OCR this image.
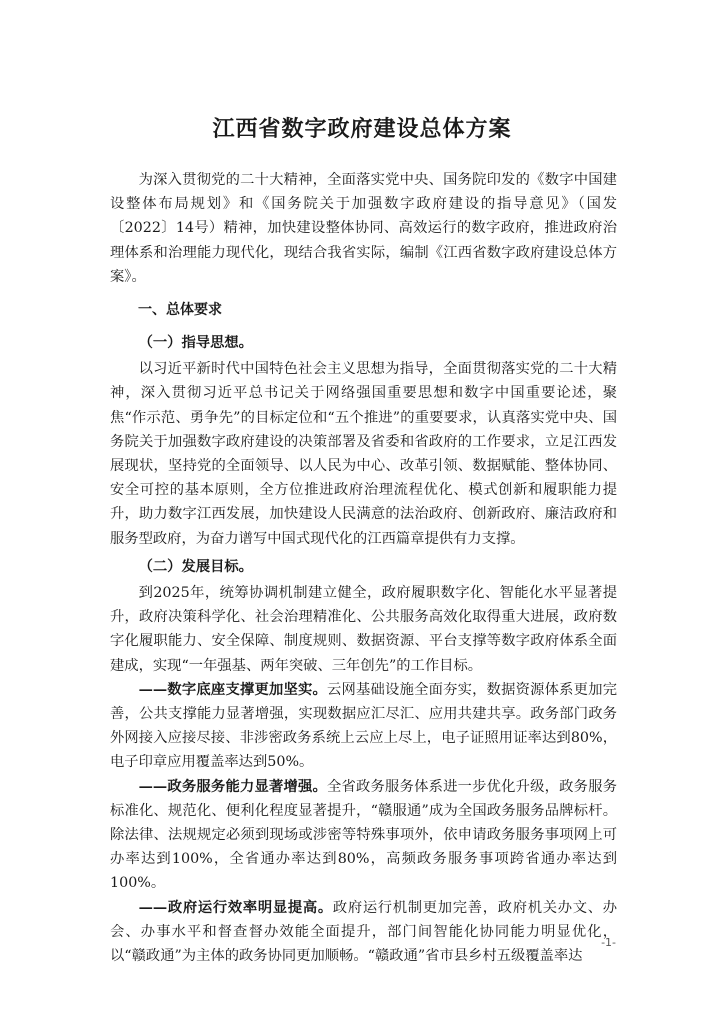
江西省数字政府建设总体方案

为深入贯彻党的二十大精神，全面落实党中央、国务院印发的《数字中国建设整体布局规划》和《国务院关于加强数字政府建设的指导意见》（国发〔2022〕14号）精神，加快建设整体协同、高效运行的数字政府，推进政府治理体系和治理能力现代化，现结合我省实际，编制《江西省数字政府建设总体方案》。

一、总体要求

（一）指导思想。

以习近平新时代中国特色社会主义思想为指导，全面贯彻落实党的二十大精神，深入贯彻习近平总书记关于网络强国重要思想和数字中国重要论述，聚焦“作示范、勇争先”的目标定位和“五个推进”的重要要求，认真落实党中央、国务院关于加强数字政府建设的决策部署及省委和省政府的工作要求，立足江西发展现状，坚持党的全面领导、以人民为中心、改革引领、数据赋能、整体协同、安全可控的基本原则，全方位推进政府治理流程优化、模式创新和履职能力提升，助力数字江西发展，加快建设人民满意的法治政府、创新政府、廉洁政府和服务型政府，为奋力谱写中国式现代化的江西篇章提供有力支撑。

（二）发展目标。

到2025年，统筹协调机制建立健全，政府履职数字化、智能化水平显著提升，政府决策科学化、社会治理精准化、公共服务高效化取得重大进展，政府数字化履职能力、安全保障、制度规则、数据资源、平台支撑等数字政府体系全面建成，实现“一年强基、两年突破、三年创先”的工作目标。

——数字底座支撑更加坚实。云网基础设施全面夯实，数据资源体系更加完善，公共支撑能力显著增强，实现数据应汇尽汇、应用共建共享。政务部门政务外网接入应接尽接、非涉密政务系统上云应上尽上，电子证照用证率达到80%，电子印章应用覆盖率达到50%。

——政务服务能力显著增强。全省政务服务体系进一步优化升级，政务服务标准化、规范化、便利化程度显著提升，“赣服通”成为全国政务服务品牌标杆。除法律、法规规定必须到现场或涉密等特殊事项外，依申请政务服务事项网上可办率达到100%，全省通办率达到80%，高频政务服务事项跨省通办率达到100%。

——政府运行效率明显提高。政府运行机制更加完善，政府机关办文、办会、办事水平和督查督办效能全面提升，部门间智能化协同能力明显优化，以“赣政通”为主体的政务协同更加顺畅。“赣政通”省市县乡村五级覆盖率达

-1-
